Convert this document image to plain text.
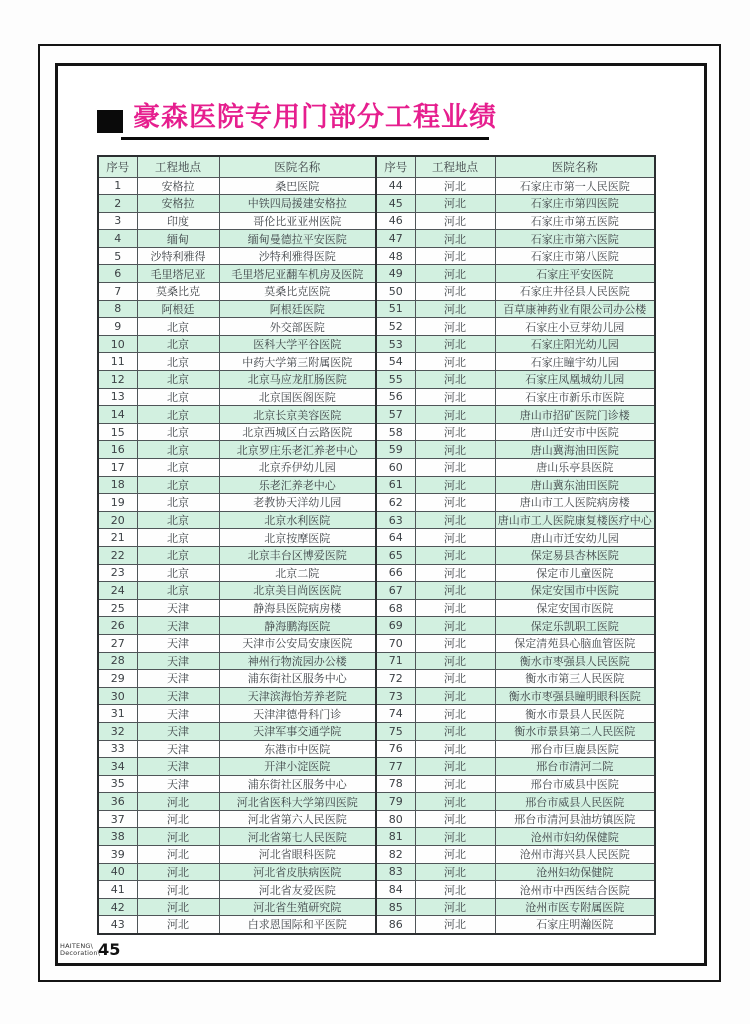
豪森医院专用门部分工程业绩
序号	工程地点	医院名称	序号	工程地点	医院名称
1	安格拉	桑巴医院	44	河北	石家庄市第一人民医院
2	安格拉	中铁四局援建安格拉	45	河北	石家庄市第四医院
3	印度	哥伦比亚亚州医院	46	河北	石家庄市第五医院
4	缅甸	缅甸曼德拉平安医院	47	河北	石家庄市第六医院
5	沙特利雅得	沙特利雅得医院	48	河北	石家庄市第八医院
6	毛里塔尼亚	毛里塔尼亚翻车机房及医院	49	河北	石家庄平安医院
7	莫桑比克	莫桑比克医院	50	河北	石家庄井径县人民医院
8	阿根廷	阿根廷医院	51	河北	百草康神药业有限公司办公楼
9	北京	外交部医院	52	河北	石家庄小豆芽幼儿园
10	北京	医科大学平谷医院	53	河北	石家庄阳光幼儿园
11	北京	中药大学第三附属医院	54	河北	石家庄瞳宇幼儿园
12	北京	北京马应龙肛肠医院	55	河北	石家庄凤凰城幼儿园
13	北京	北京国医阁医院	56	河北	石家庄市新乐市医院
14	北京	北京长京美容医院	57	河北	唐山市招矿医院门诊楼
15	北京	北京西城区白云路医院	58	河北	唐山迁安市中医院
16	北京	北京罗庄乐老汇养老中心	59	河北	唐山冀海油田医院
17	北京	北京乔伊幼儿园	60	河北	唐山乐亭县医院
18	北京	乐老汇养老中心	61	河北	唐山冀东油田医院
19	北京	老教协天洋幼儿园	62	河北	唐山市工人医院病房楼
20	北京	北京水利医院	63	河北	唐山市工人医院康复楼医疗中心
21	北京	北京按摩医院	64	河北	唐山市迁安幼儿园
22	北京	北京丰台区博爱医院	65	河北	保定易县杏林医院
23	北京	北京二院	66	河北	保定市儿童医院
24	北京	北京美目尚医医院	67	河北	保定安国市中医院
25	天津	静海县医院病房楼	68	河北	保定安国市医院
26	天津	静海鹏海医院	69	河北	保定乐凯职工医院
27	天津	天津市公安局安康医院	70	河北	保定清苑县心脑血管医院
28	天津	神州行物流园办公楼	71	河北	衡水市枣强县人民医院
29	天津	浦东街社区服务中心	72	河北	衡水市第三人民医院
30	天津	天津滨海怡芳养老院	73	河北	衡水市枣强县瞳明眼科医院
31	天津	天津津德骨科门诊	74	河北	衡水市景县人民医院
32	天津	天津军事交通学院	75	河北	衡水市景县第二人民医院
33	天津	东港市中医院	76	河北	邢台市巨鹿县医院
34	天津	开津小淀医院	77	河北	邢台市清河二院
35	天津	浦东街社区服务中心	78	河北	邢台市威县中医院
36	河北	河北省医科大学第四医院	79	河北	邢台市威县人民医院
37	河北	河北省第六人民医院	80	河北	邢台市清河县油坊镇医院
38	河北	河北省第七人民医院	81	河北	沧州市妇幼保健院
39	河北	河北省眼科医院	82	河北	沧州市海兴县人民医院
40	河北	河北省皮肤病医院	83	河北	沧州妇幼保健院
41	河北	河北省友爱医院	84	河北	沧州市中西医结合医院
42	河北	河北省生殖研究院	85	河北	沧州市医专附属医院
43	河北	白求恩国际和平医院	86	河北	石家庄明瀚医院
HAITENG\
Decoration\
45
